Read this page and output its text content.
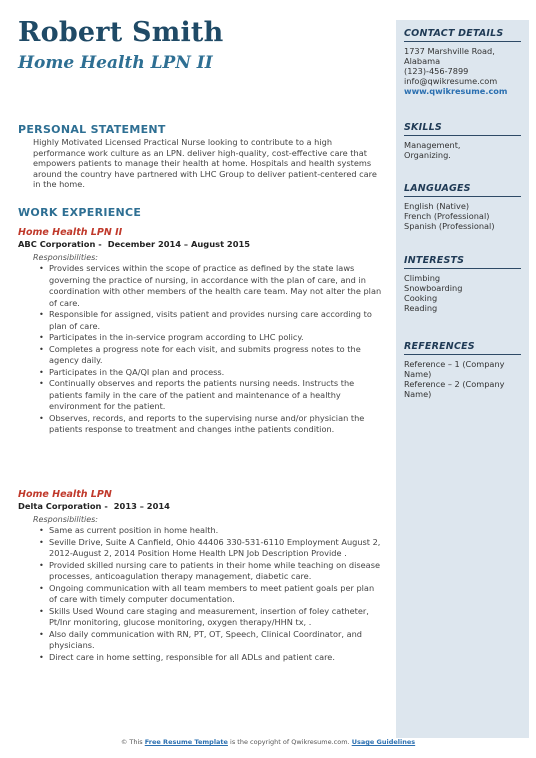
Robert Smith
Home Health LPN II
PERSONAL STATEMENT
Highly Motivated Licensed Practical Nurse looking to contribute to a high performance work culture as an LPN. deliver high-quality, cost-effective care that empowers patients to manage their health at home. Hospitals and health systems around the country have partnered with LHC Group to deliver patient-centered care in the home.
WORK EXPERIENCE
Home Health LPN II
ABC Corporation - December 2014 – August 2015
Responsibilities:
• Provides services within the scope of practice as defined by the state laws governing the practice of nursing, in accordance with the plan of care, and in coordination with other members of the health care team. May not alter the plan of care.
• Responsible for assigned, visits patient and provides nursing care according to plan of care.
• Participates in the in-service program according to LHC policy.
• Completes a progress note for each visit, and submits progress notes to the agency daily.
• Participates in the QA/QI plan and process.
• Continually observes and reports the patients nursing needs. Instructs the patients family in the care of the patient and maintenance of a healthy environment for the patient.
• Observes, records, and reports to the supervising nurse and/or physician the patients response to treatment and changes inthe patients condition.
Home Health LPN
Delta Corporation - 2013 – 2014
Responsibilities:
• Same as current position in home health.
• Seville Drive, Suite A Canfield, Ohio 44406 330-531-6110 Employment August 2, 2012-August 2, 2014 Position Home Health LPN Job Description Provide .
• Provided skilled nursing care to patients in their home while teaching on disease processes, anticoagulation therapy management, diabetic care.
• Ongoing communication with all team members to meet patient goals per plan of care with timely computer documentation.
• Skills Used Wound care staging and measurement, insertion of foley catheter, Pt/Inr monitoring, glucose monitoring, oxygen therapy/HHN tx, .
• Also daily communication with RN, PT, OT, Speech, Clinical Coordinator, and physicians.
• Direct care in home setting, responsible for all ADLs and patient care.
CONTACT DETAILS
1737 Marshville Road, Alabama
(123)-456-7899
info@qwikresume.com
www.qwikresume.com
SKILLS
Management, Organizing.
LANGUAGES
English (Native)
French (Professional)
Spanish (Professional)
INTERESTS
Climbing
Snowboarding
Cooking
Reading
REFERENCES
Reference – 1 (Company Name)
Reference – 2 (Company Name)
© This Free Resume Template is the copyright of Qwikresume.com. Usage Guidelines
